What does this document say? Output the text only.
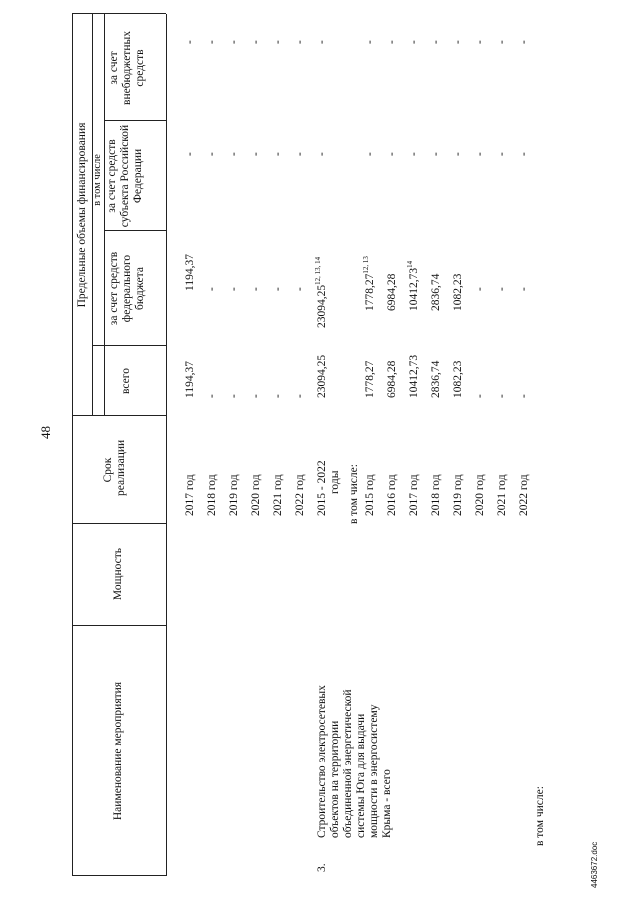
48
4463672.doc
Наименование мероприятия
Мощность
Срок реализации
Предельные объемы финансирования
всего
в том числе
за счет средств федерального бюджета
за счет средств субъекта Российской Федерации
за счет внебюджетных средств
2017 год
1194,37
1194,37
-
-
2018 год
-
-
-
-
2019 год
-
-
-
-
2020 год
-
-
-
-
2021 год
-
-
-
-
2022 год
-
-
-
-
3.
Строительство электросетевых объектов на территории объединенной энергетической системы Юга для выдачи мощности в энергосистему Крыма - всего
2015 - 2022 годы
23094,25
23094,25$^{12, 13, 14}$
-
-
в том числе: 2015 год
1778,27
1778,27$^{12, 13}$
-
-
2016 год
6984,28
6984,28
-
-
2017 год
10412,73
10412,73$^{14}$
-
-
2018 год
2836,74
2836,74
-
-
2019 год
1082,23
1082,23
-
-
2020 год
-
-
-
-
2021 год
-
-
-
-
2022 год
-
-
-
-
в том числе:
